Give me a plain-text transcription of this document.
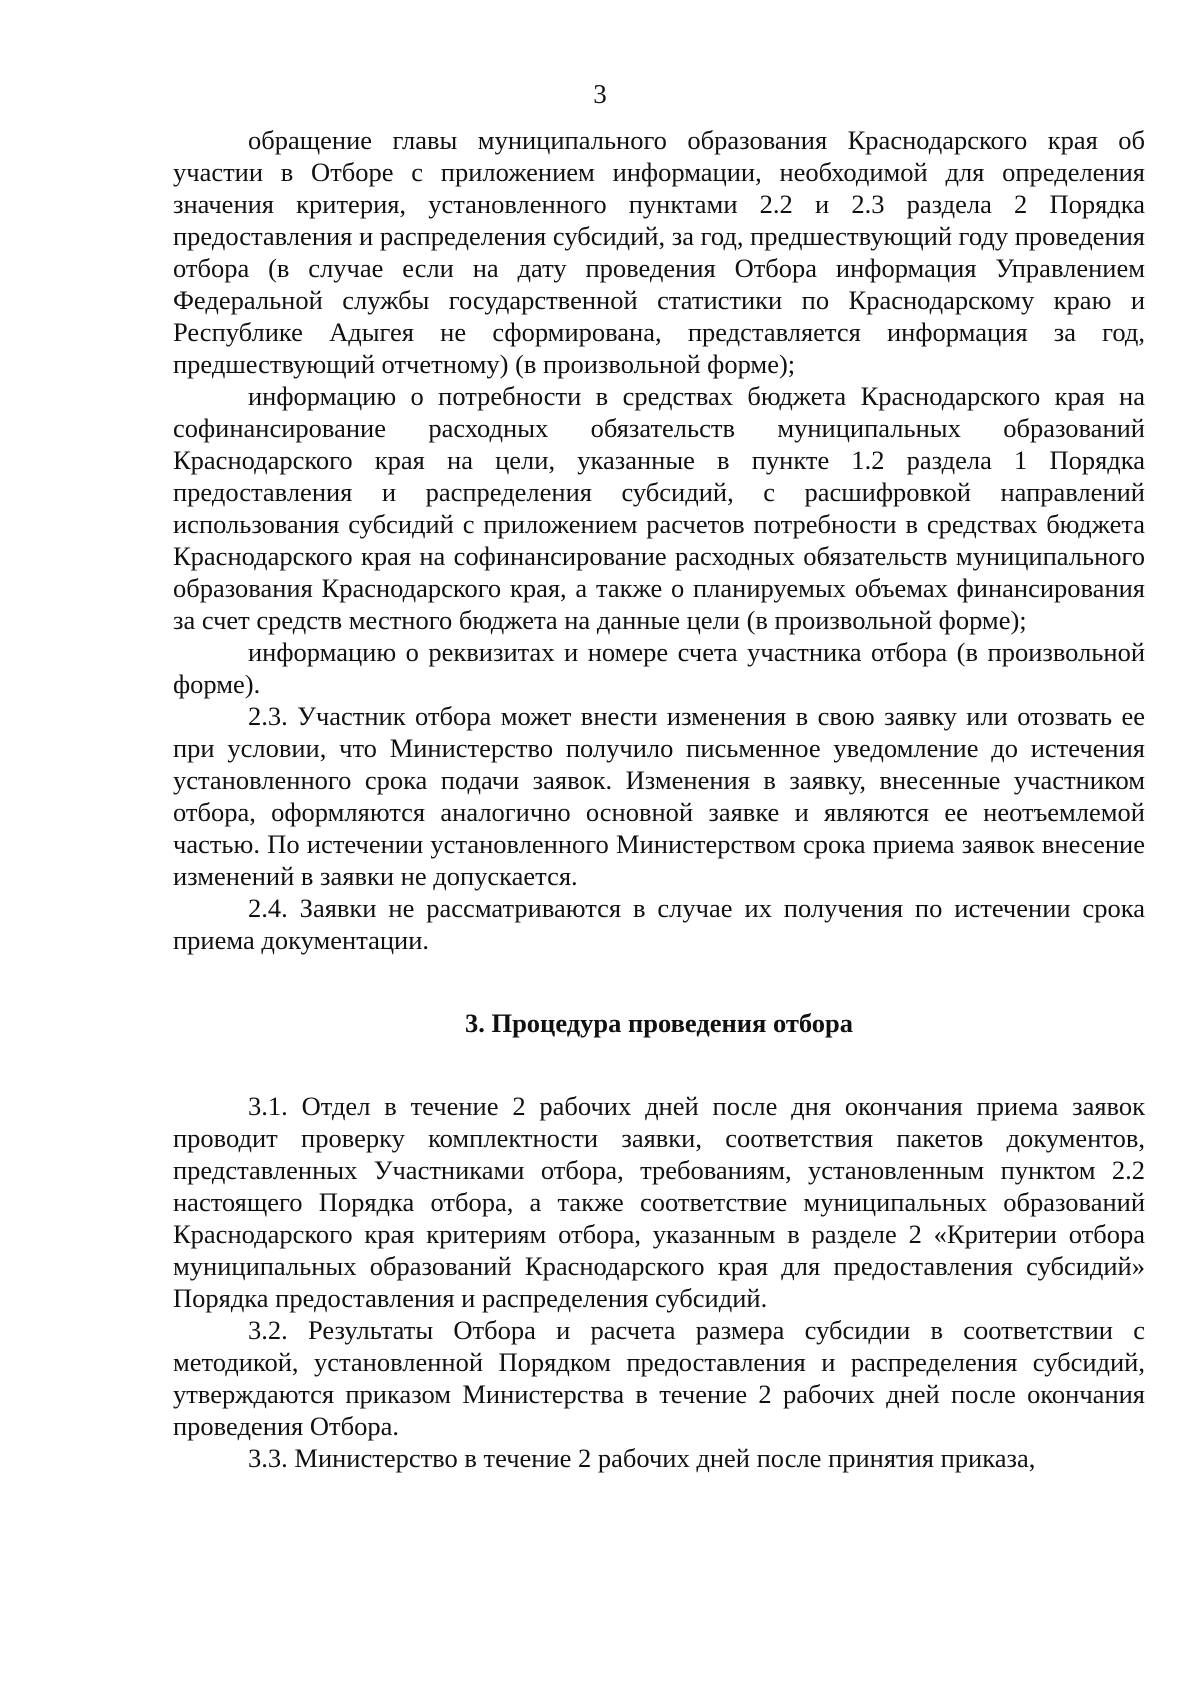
3

обращение главы муниципального образования Краснодарского края об участии в Отборе с приложением информации, необходимой для определения значения критерия, установленного пунктами 2.2 и 2.3 раздела 2 Порядка предоставления и распределения субсидий, за год, предшествующий году проведения отбора (в случае если на дату проведения Отбора информация Управлением Федеральной службы государственной статистики по Краснодарскому краю и Республике Адыгея не сформирована, представляется информация за год, предшествующий отчетному) (в произвольной форме);

информацию о потребности в средствах бюджета Краснодарского края на софинансирование расходных обязательств муниципальных образований Краснодарского края на цели, указанные в пункте 1.2 раздела 1 Порядка предоставления и распределения субсидий, с расшифровкой направлений использования субсидий с приложением расчетов потребности в средствах бюджета Краснодарского края на софинансирование расходных обязательств муниципального образования Краснодарского края, а также о планируемых объемах финансирования за счет средств местного бюджета на данные цели (в произвольной форме);

информацию о реквизитах и номере счета участника отбора (в произвольной форме).

2.3. Участник отбора может внести изменения в свою заявку или отозвать ее при условии, что Министерство получило письменное уведомление до истечения установленного срока подачи заявок. Изменения в заявку, внесенные участником отбора, оформляются аналогично основной заявке и являются ее неотъемлемой частью. По истечении установленного Министерством срока приема заявок внесение изменений в заявки не допускается.

2.4. Заявки не рассматриваются в случае их получения по истечении срока приема документации.

3. Процедура проведения отбора

3.1. Отдел в течение 2 рабочих дней после дня окончания приема заявок проводит проверку комплектности заявки, соответствия пакетов документов, представленных Участниками отбора, требованиям, установленным пунктом 2.2 настоящего Порядка отбора, а также соответствие муниципальных образований Краснодарского края критериям отбора, указанным в разделе 2 «Критерии отбора муниципальных образований Краснодарского края для предоставления субсидий» Порядка предоставления и распределения субсидий.

3.2. Результаты Отбора и расчета размера субсидии в соответствии с методикой, установленной Порядком предоставления и распределения субсидий, утверждаются приказом Министерства в течение 2 рабочих дней после окончания проведения Отбора.

3.3. Министерство в течение 2 рабочих дней после принятия приказа,
